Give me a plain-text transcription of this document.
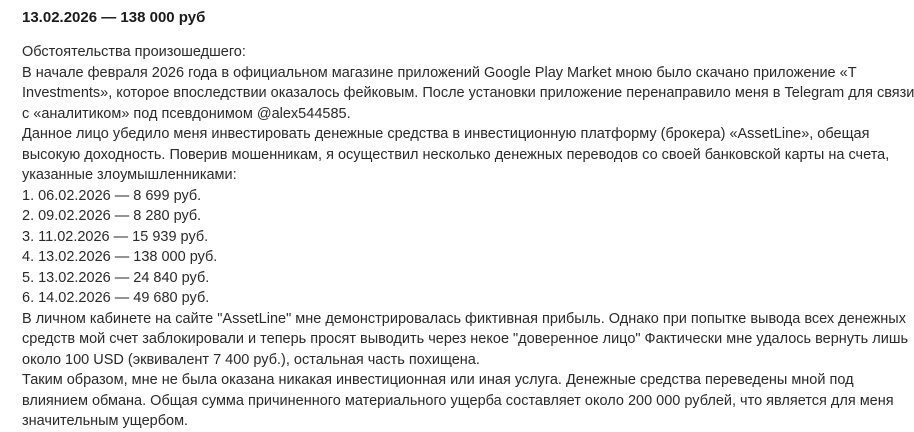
13.02.2026 — 138 000 руб
Обстоятельства произошедшего:
В начале февраля 2026 года в официальном магазине приложений Google Play Market мною было скачано приложение «T
Investments», которое впоследствии оказалось фейковым. После установки приложение перенаправило меня в Telegram для связи
с «аналитиком» под псевдонимом @alex544585.
Данное лицо убедило меня инвестировать денежные средства в инвестиционную платформу (брокера) «AssetLine», обещая
высокую доходность. Поверив мошенникам, я осуществил несколько денежных переводов со своей банковской карты на счета,
указанные злоумышленниками:
1. 06.02.2026 — 8 699 руб.
2. 09.02.2026 — 8 280 руб.
3. 11.02.2026 — 15 939 руб.
4. 13.02.2026 — 138 000 руб.
5. 13.02.2026 — 24 840 руб.
6. 14.02.2026 — 49 680 руб.
В личном кабинете на сайте "AssetLine" мне демонстрировалась фиктивная прибыль. Однако при попытке вывода всех денежных
средств мой счет заблокировали и теперь просят выводить через некое "доверенное лицо" Фактически мне удалось вернуть лишь
около 100 USD (эквивалент 7 400 руб.), остальная часть похищена.
Таким образом, мне не была оказана никакая инвестиционная или иная услуга. Денежные средства переведены мной под
влиянием обмана. Общая сумма причиненного материального ущерба составляет около 200 000 рублей, что является для меня
значительным ущербом.
